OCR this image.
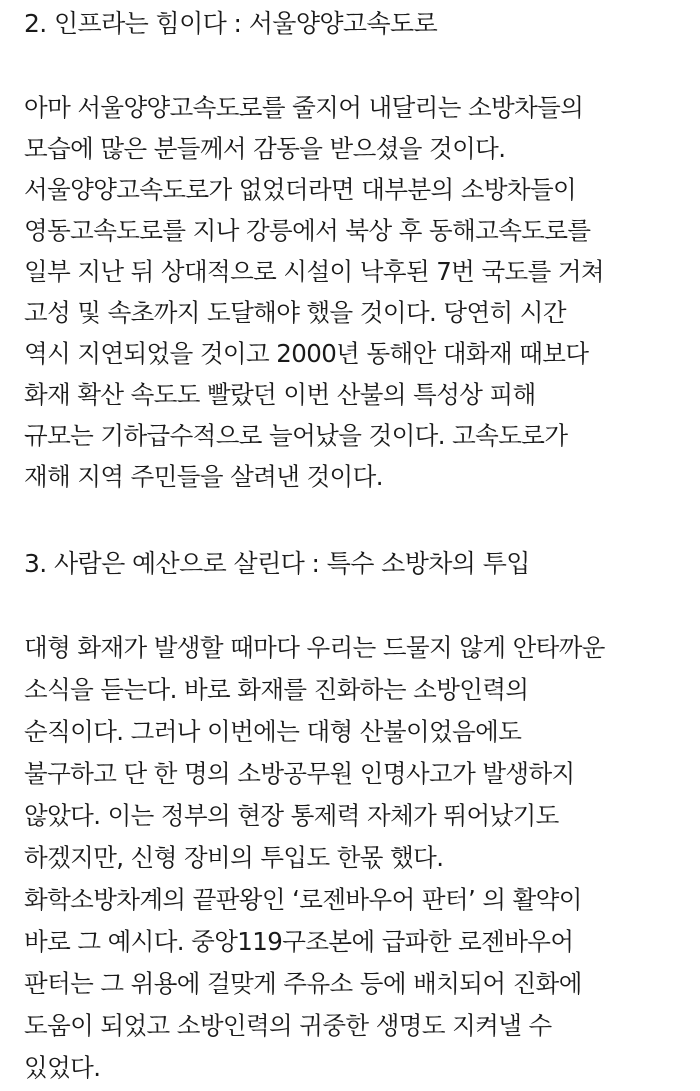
2. 인프라는 힘이다 : 서울양양고속도로
아마 서울양양고속도로를 줄지어 내달리는 소방차들의
모습에 많은 분들께서 감동을 받으셨을 것이다.
서울양양고속도로가 없었더라면 대부분의 소방차들이
영동고속도로를 지나 강릉에서 북상 후 동해고속도로를
일부 지난 뒤 상대적으로 시설이 낙후된 7번 국도를 거쳐
고성 및 속초까지 도달해야 했을 것이다. 당연히 시간
역시 지연되었을 것이고 2000년 동해안 대화재 때보다
화재 확산 속도도 빨랐던 이번 산불의 특성상 피해
규모는 기하급수적으로 늘어났을 것이다. 고속도로가
재해 지역 주민들을 살려낸 것이다.
3. 사람은 예산으로 살린다 : 특수 소방차의 투입
대형 화재가 발생할 때마다 우리는 드물지 않게 안타까운
소식을 듣는다. 바로 화재를 진화하는 소방인력의
순직이다. 그러나 이번에는 대형 산불이었음에도
불구하고 단 한 명의 소방공무원 인명사고가 발생하지
않았다. 이는 정부의 현장 통제력 자체가 뛰어났기도
하겠지만, 신형 장비의 투입도 한몫 했다.
화학소방차계의 끝판왕인 ‘로젠바우어 판터’ 의 활약이
바로 그 예시다. 중앙119구조본에 급파한 로젠바우어
판터는 그 위용에 걸맞게 주유소 등에 배치되어 진화에
도움이 되었고 소방인력의 귀중한 생명도 지켜낼 수
있었다.
